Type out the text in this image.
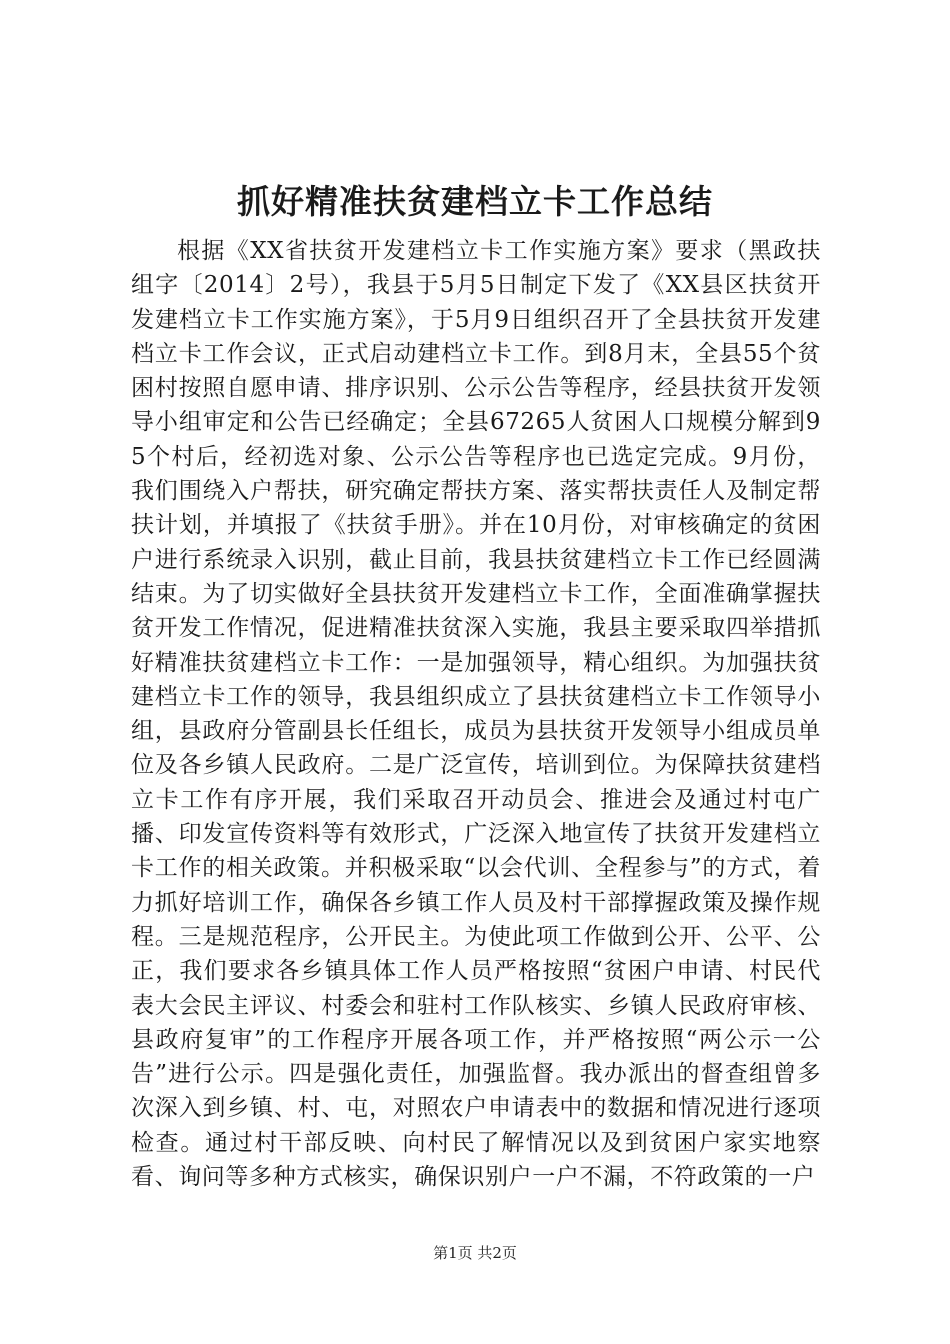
抓好精准扶贫建档立卡工作总结

根据《XX省扶贫开发建档立卡工作实施方案》要求（黑政扶组字〔2014〕2号），我县于5月5日制定下发了《XX县区扶贫开发建档立卡工作实施方案》，于5月9日组织召开了全县扶贫开发建档立卡工作会议，正式启动建档立卡工作。到8月末，全县55个贫困村按照自愿申请、排序识别、公示公告等程序，经县扶贫开发领导小组审定和公告已经确定；全县67265人贫困人口规模分解到95个村后，经初选对象、公示公告等程序也已选定完成。9月份，我们围绕入户帮扶，研究确定帮扶方案、落实帮扶责任人及制定帮扶计划，并填报了《扶贫手册》。并在10月份，对审核确定的贫困户进行系统录入识别，截止目前，我县扶贫建档立卡工作已经圆满结束。为了切实做好全县扶贫开发建档立卡工作，全面准确掌握扶贫开发工作情况，促进精准扶贫深入实施，我县主要采取四举措抓好精准扶贫建档立卡工作：一是加强领导，精心组织。为加强扶贫建档立卡工作的领导，我县组织成立了县扶贫建档立卡工作领导小组，县政府分管副县长任组长，成员为县扶贫开发领导小组成员单位及各乡镇人民政府。二是广泛宣传，培训到位。为保障扶贫建档立卡工作有序开展，我们采取召开动员会、推进会及通过村屯广播、印发宣传资料等有效形式，广泛深入地宣传了扶贫开发建档立卡工作的相关政策。并积极采取“以会代训、全程参与”的方式，着力抓好培训工作，确保各乡镇工作人员及村干部撑握政策及操作规程。三是规范程序，公开民主。为使此项工作做到公开、公平、公正，我们要求各乡镇具体工作人员严格按照“贫困户申请、村民代表大会民主评议、村委会和驻村工作队核实、乡镇人民政府审核、县政府复审”的工作程序开展各项工作，并严格按照“两公示一公告”进行公示。四是强化责任，加强监督。我办派出的督查组曾多次深入到乡镇、村、屯，对照农户申请表中的数据和情况进行逐项检查。通过村干部反映、向村民了解情况以及到贫困户家实地察看、询问等多种方式核实，确保识别户一户不漏，不符政策的一户

第1页 共2页
